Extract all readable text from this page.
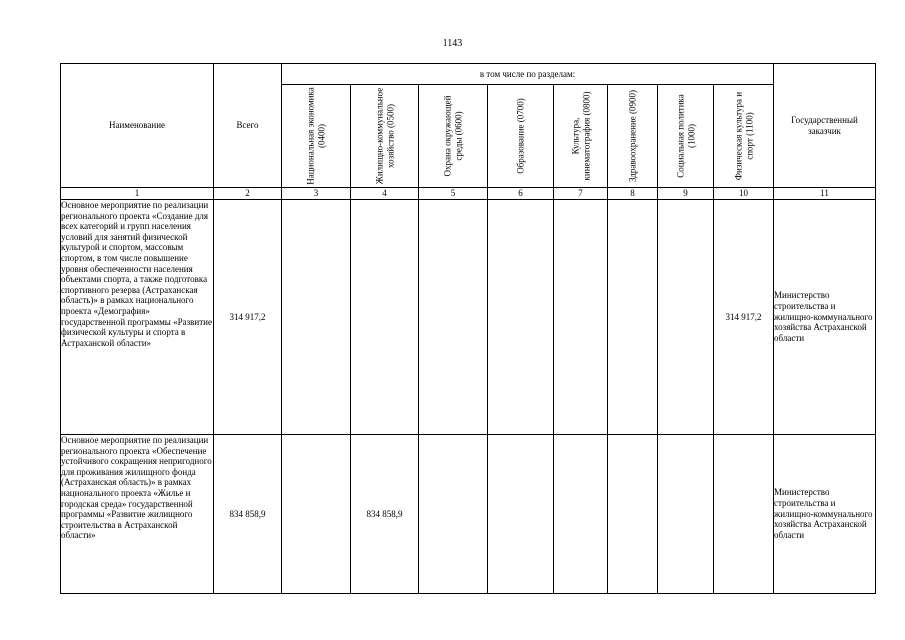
1143
Наименование	Всего	в том числе по разделам:								Государственный заказчик

		Национальная экономика (0400)	Жилищно-коммунальное хозяйство (0500)	Охрана окружающей среды (0600)	Образование (0700)	Культура, кинематография (0800)	Здравоохранение (0900)	Социальная политика (1000)	Физическая культура и спорт (1100)	

1	2	3	4	5	6	7	8	9	10	11
Основное мероприятие по реализации регионального проекта «Создание для всех категорий и групп населения условий для занятий физической культурой и спортом, массовым спортом, в том числе повышение уровня обеспеченности населения объектами спорта, а также подготовка спортивного резерва (Астраханская область)» в рамках национального проекта «Демография» государственной программы «Развитие физической культуры и спорта в Астраханской области»	314 917,2								314 917,2	Министерство строительства и жилищно-коммунального хозяйства Астраханской области
Основное мероприятие по реализации регионального проекта «Обеспечение устойчивого сокращения непригодного для проживания жилищного фонда (Астраханская область)» в рамках национального проекта «Жилье и городская среда» государственной программы «Развитие жилищного строительства в Астраханской области»	834 858,9		834 858,9							Министерство строительства и жилищно-коммунального хозяйства Астраханской области
